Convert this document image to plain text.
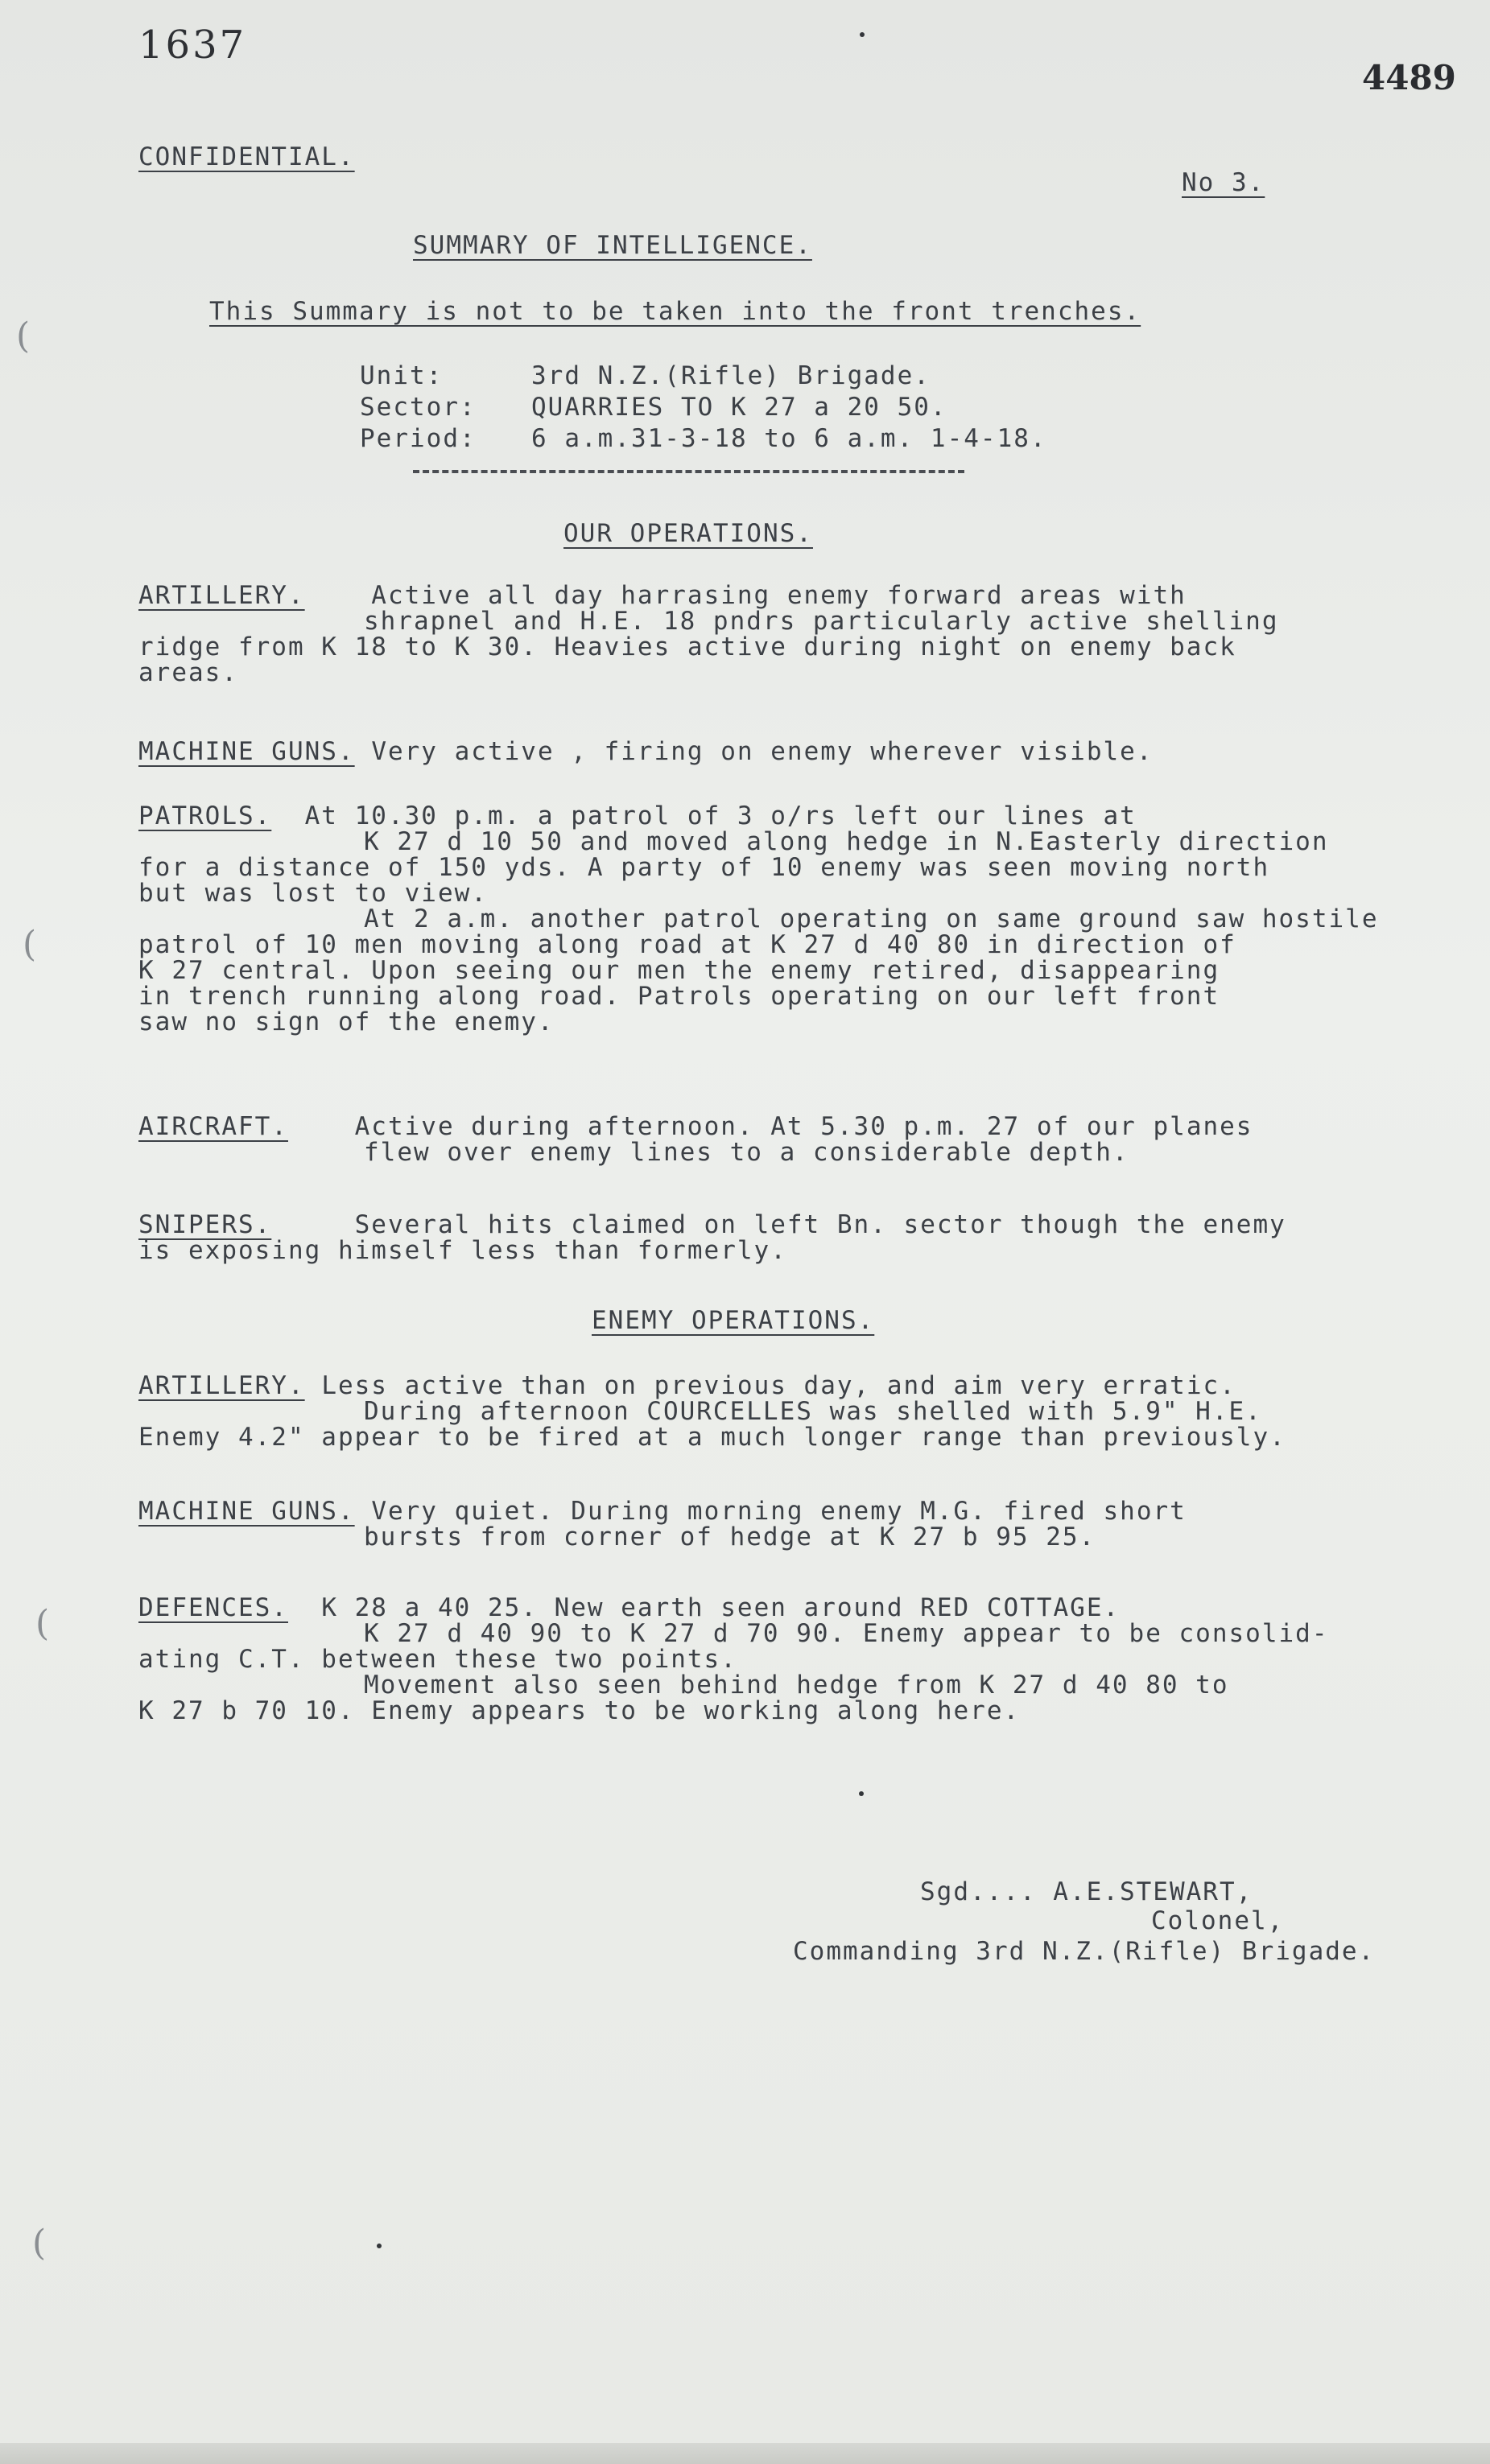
1637
4489
CONFIDENTIAL.
No 3.
SUMMARY OF INTELLIGENCE.
This Summary is not to be taken into the front trenches.
Unit:	3rd N.Z.(Rifle) Brigade.
Sector: QUARRIES TO K 27 a 20 50.
Period: 6 a.m.31-3-18 to 6 a.m. 1-4-18.
OUR OPERATIONS.
ARTILLERY.	Active all day harrasing enemy forward areas with
shrapnel and H.E. 18 pndrs particularly active shelling
ridge from K 18 to K 30. Heavies active during night on enemy back
areas.
MACHINE GUNS. Very active , firing on enemy wherever visible.
PATROLS. At 10.30 p.m. a patrol of 3 o/rs left our lines at
K 27 d 10 50 and moved along hedge in N.Easterly direction
for a distance of 150 yds. A party of 10 enemy was seen moving north
but was lost to view.
At 2 a.m. another patrol operating on same ground saw hostile
patrol of 10 men moving along road at K 27 d 40 80 in direction of
K 27 central. Upon seeing our men the enemy retired, disappearing
in trench running along road. Patrols operating on our left front
saw no sign of the enemy.
AIRCRAFT.	Active during afternoon. At 5.30 p.m. 27 of our planes
flew over enemy lines to a considerable depth.
SNIPERS.	Several hits claimed on left Bn. sector though the enemy
is exposing himself less than formerly.
ENEMY OPERATIONS.
ARTILLERY. Less active than on previous day, and aim very erratic.
During afternoon COURCELLES was shelled with 5.9" H.E.
Enemy 4.2" appear to be fired at a much longer range than previously.
MACHINE GUNS. Very quiet. During morning enemy M.G. fired short
bursts from corner of hedge at K 27 b 95 25.
DEFENCES. K 28 a 40 25. New earth seen around RED COTTAGE.
K 27 d 40 90 to K 27 d 70 90. Enemy appear to be consolid-
ating C.T. between these two points.
Movement also seen behind hedge from K 27 d 40 80 to
K 27 b 70 10. Enemy appears to be working along here.
Sgd.... A.E.STEWART,
Colonel,
Commanding 3rd N.Z.(Rifle) Brigade.
(
(
(
(
